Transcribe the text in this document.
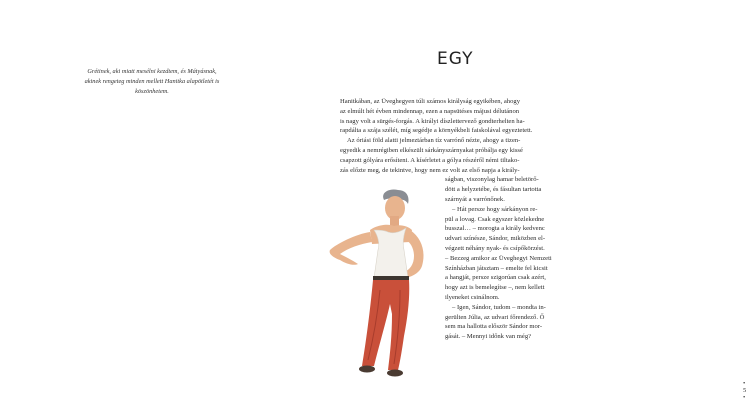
Grétinek, aki miatt mesélni kezdtem, és Mátyásnak,
akinek rengeteg minden mellett Hanitka alapötletét is
köszönhetem.
EGY
Hanitkában, az Üveghegyen túli számos királyság egyikében, ahogy
az elmúlt hét évben mindennap, ezen a napsütéses májusi délutánon
is nagy volt a sürgés-forgás. A királyi díszlettervező gondterhelten ha-
rapdálta a szája szélét, míg segédje a környékbeli faiskolával egyeztetett.
Az óriási föld alatti jelmeztárban tíz varrónő nézte, ahogy a tizen-
egyedik a nemrégiben elkészült sárkányszárnyakat próbálja egy kissé
csapzott gólyára erősíteni. A kísérletet a gólya részéről némi tiltako-
zás előzte meg, de tekintve, hogy nem ez volt az első napja a király-
ságban, viszonylag hamar beletörő-
dött a helyzetébe, és fásultan tartotta
szárnyát a varrónőnek.
– Hát persze hogy sárkányon re-
pül a lovag. Csak egyszer közlekedne
busszal… – morogta a király kedvenc
udvari színésze, Sándor, miközben el-
végzett néhány nyak- és csípőkörzést.
– Bezzeg amikor az Üveghegyi Nemzeti
Színházban játsztam – emelte fel kicsit
a hangját, persze szigorúan csak azért,
hogy azt is bemelegítse –, nem kellett
ilyeneket csinálnom.
– Igen, Sándor, tudom – mondta in-
gerülten Júlia, az udvari főrendező. Ő
sem ma hallotta először Sándor mor-
gását. – Mennyi időnk van még?
• 5 •
